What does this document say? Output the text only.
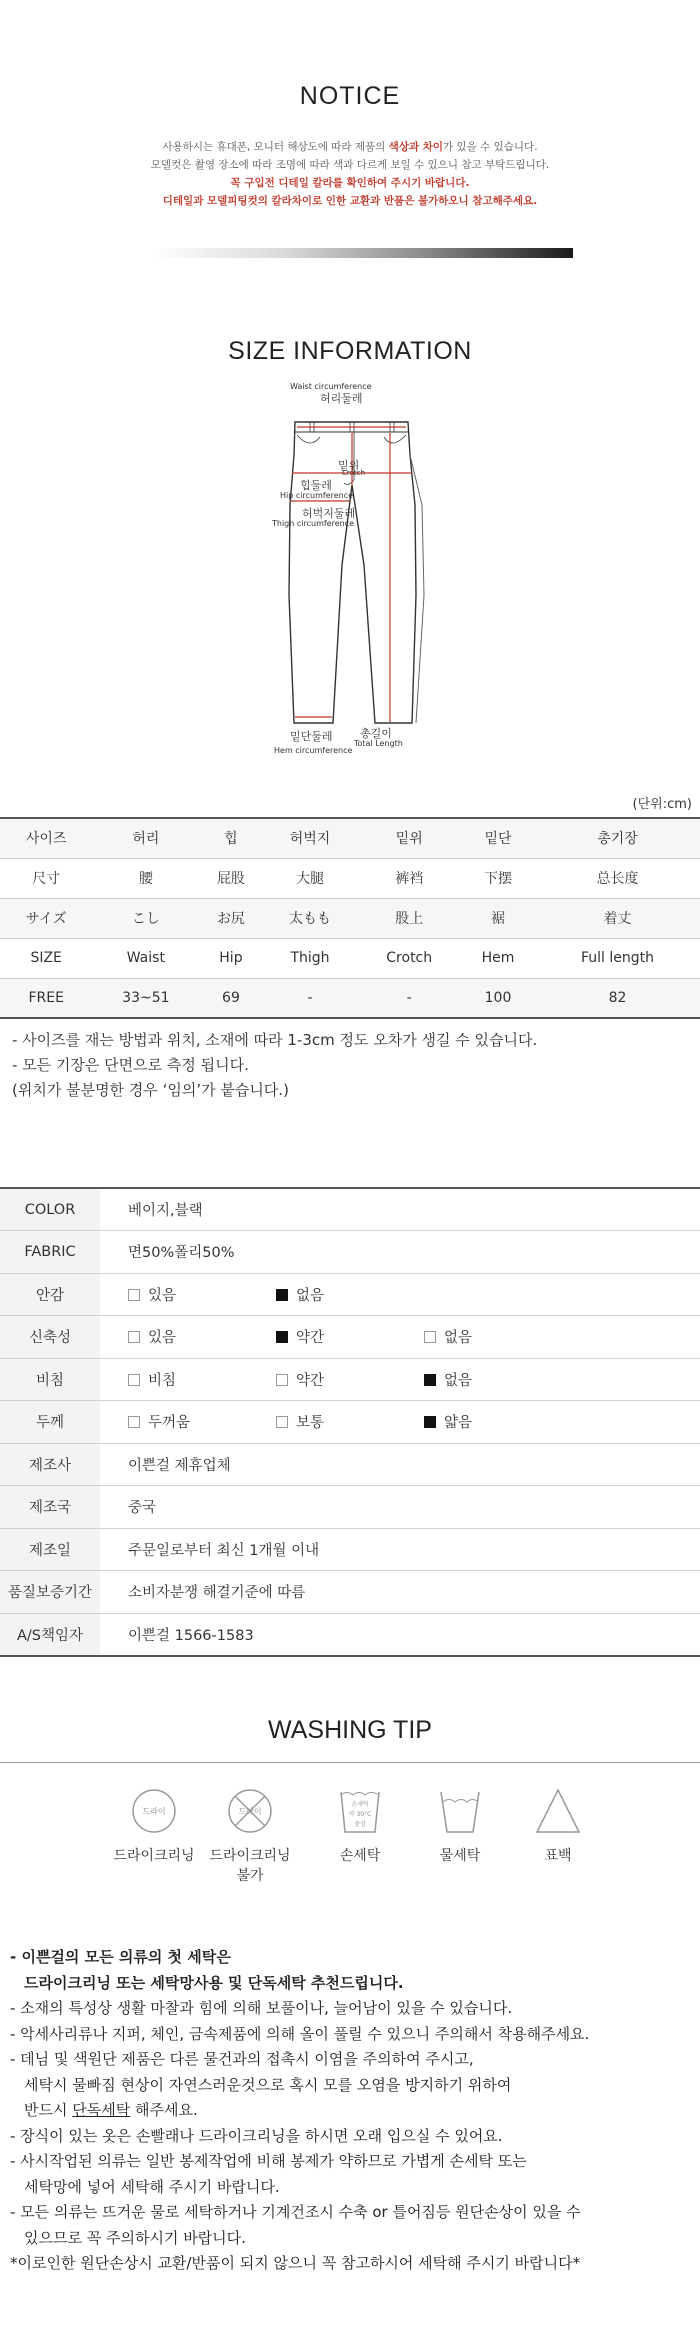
NOTICE
사용하시는 휴대폰, 모니터 해상도에 따라 제품의 색상과 차이가 있을 수 있습니다.
모델컷은 촬영 장소에 따라 조명에 따라 색과 다르게 보일 수 있으니 참고 부탁드립니다.
꼭 구입전 디테일 칼라를 확인하여 주시기 바랍니다.
디테일과 모델피팅컷의 칼라차이로 인한 교환과 반품은 불가하오니 참고해주세요.
SIZE INFORMATION
Waist circumference
허리둘레
밑위
Crotch
힙둘레
Hip circumference
허벅지둘레
Thigh circumference
밑단둘레
Hem circumference
총길이
Total Length
(단위:cm)
사이즈	허리	힙	허벅지	밑위	밑단	총기장
尺寸	腰	屁股	大腿	裤裆	下摆	总长度
サイズ	こし	お尻	太もも	股上	裾	着丈
SIZE	Waist	Hip	Thigh	Crotch	Hem	Full length
FREE	33~51	69	-	-	100	82
- 사이즈를 재는 방법과 위치, 소재에 따라 1-3cm 정도 오차가 생길 수 있습니다.
- 모든 기장은 단면으로 측정 됩니다.
(위치가 불분명한 경우 ‘임의’가 붙습니다.)
COLOR	베이지,블랙
FABRIC	면50%폴리50%
안감	있음 없음
신축성	있음 약간 없음
비침	비침 약간 없음
두께	두꺼움 보통 얇음
제조사	이쁜걸 제휴업체
제조국	중국
제조일	주문일로부터 최신 1개월 이내
품질보증기간	소비자분쟁 해결기준에 따름
A/S책임자	이쁜걸 1566-1583
WASHING TIP
드라이
드라이크리닝
드라이
드라이크리닝
불가
손세탁
약 30°C
중성
손세탁	물세탁	표백
- 이쁜걸의 모든 의류의 첫 세탁은
드라이크리닝 또는 세탁망사용 및 단독세탁 추천드립니다.
- 소재의 특성상 생활 마찰과 힘에 의해 보풀이나, 늘어남이 있을 수 있습니다.
- 악세사리류나 지퍼, 체인, 금속제품에 의해 올이 풀릴 수 있으니 주의해서 착용해주세요.
- 데님 및 색원단 제품은 다른 물건과의 접촉시 이염을 주의하여 주시고,
세탁시 물빠짐 현상이 자연스러운것으로 혹시 모를 오염을 방지하기 위하여
반드시 단독세탁 해주세요.
- 장식이 있는 옷은 손빨래나 드라이크리닝을 하시면 오래 입으실 수 있어요.
- 사시작업된 의류는 일반 봉제작업에 비해 봉제가 약하므로 가볍게 손세탁 또는
세탁망에 넣어 세탁해 주시기 바랍니다.
- 모든 의류는 뜨거운 물로 세탁하거나 기계건조시 수축 or 틀어짐등 원단손상이 있을 수
있으므로 꼭 주의하시기 바랍니다.
*이로인한 원단손상시 교환/반품이 되지 않으니 꼭 참고하시어 세탁해 주시기 바랍니다*
